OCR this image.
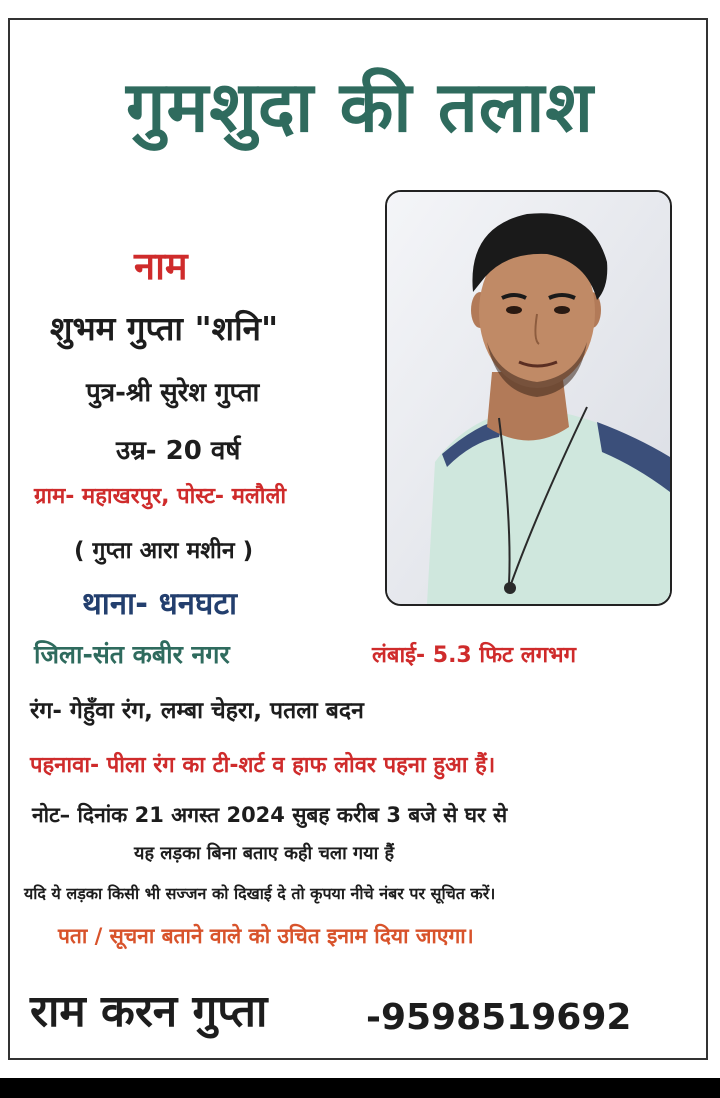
गुमशुदा की तलाश
नाम
शुभम गुप्ता "शनि"
पुत्र-श्री सुरेश गुप्ता
उम्र- 20 वर्ष
ग्राम- महाखरपुर, पोस्ट- मलौली
( गुप्ता आरा मशीन )
थाना- धनघटा
जिला-संत कबीर नगर	लंबाई- 5.3 फिट लगभग
रंग- गेहुँवा रंग, लम्बा चेहरा, पतला बदन
पहनावा- पीला रंग का टी-शर्ट व हाफ लोवर पहना हुआ हैं।
नोट– दिनांक 21 अगस्त 2024 सुबह करीब 3 बजे से घर से
यह लड़का बिना बताए कही चला गया हैं
यदि ये लड़का किसी भी सज्जन को दिखाई दे तो कृपया नीचे नंबर पर सूचित करें।
पता / सूचना बताने वाले को उचित इनाम दिया जाएगा।
राम करन गुप्ता	-9598519692
